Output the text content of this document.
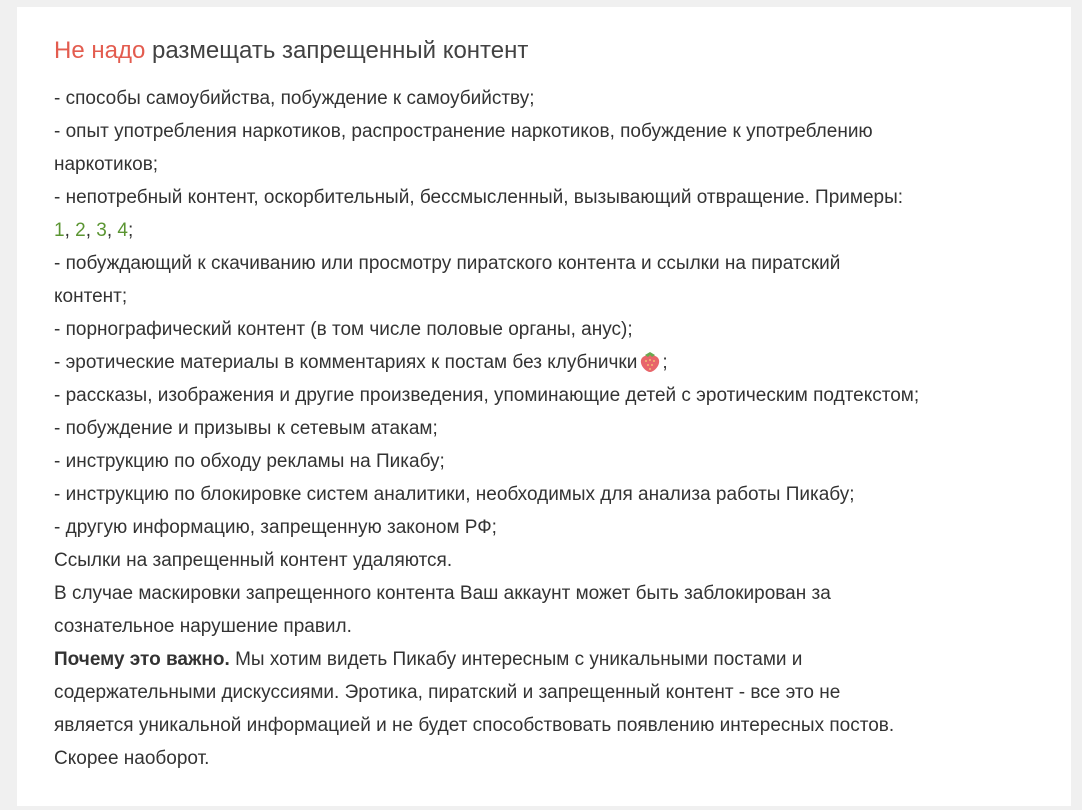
Не надо размещать запрещенный контент
- способы самоубийства, побуждение к самоубийству;
- опыт употребления наркотиков, распространение наркотиков, побуждение к употреблению
наркотиков;
- непотребный контент, оскорбительный, бессмысленный, вызывающий отвращение. Примеры:
1, 2, 3, 4;
- побуждающий к скачиванию или просмотру пиратского контента и ссылки на пиратский
контент;
- порнографический контент (в том числе половые органы, анус);
- эротические материалы в комментариях к постам без клубнички ;
- рассказы, изображения и другие произведения, упоминающие детей с эротическим подтекстом;
- побуждение и призывы к сетевым атакам;
- инструкцию по обходу рекламы на Пикабу;
- инструкцию по блокировке систем аналитики, необходимых для анализа работы Пикабу;
- другую информацию, запрещенную законом РФ;
Ссылки на запрещенный контент удаляются.
В случае маскировки запрещенного контента Ваш аккаунт может быть заблокирован за
сознательное нарушение правил.
Почему это важно. Мы хотим видеть Пикабу интересным с уникальными постами и
содержательными дискуссиями. Эротика, пиратский и запрещенный контент - все это не
является уникальной информацией и не будет способствовать появлению интересных постов.
Скорее наоборот.
